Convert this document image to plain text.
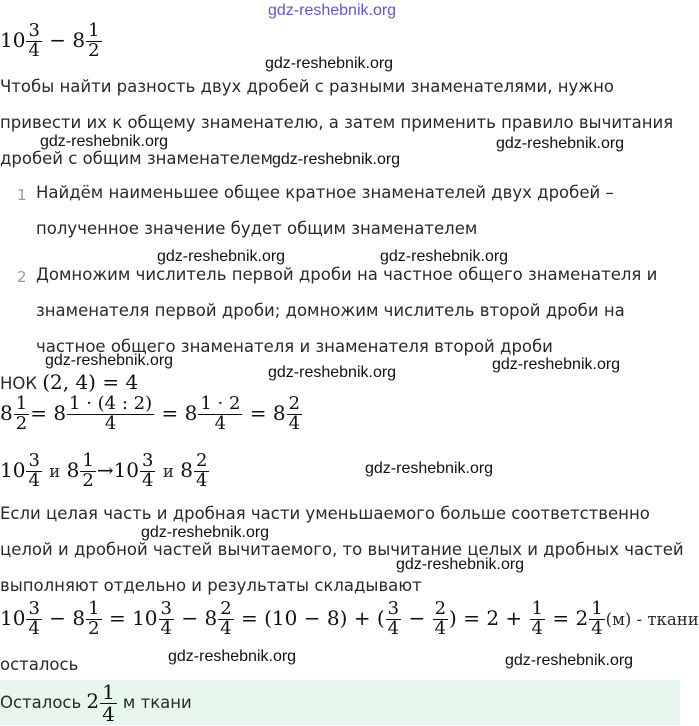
gdz-reshebnik.org
gdz-reshebnik.org
gdz-reshebnik.org
gdz-reshebnik.org
gdz-reshebnik.org
gdz-reshebnik.org	gdz-reshebnik.org
gdz-reshebnik.org
gdz-reshebnik.org	gdz-reshebnik.org
gdz-reshebnik.org
gdz-reshebnik.org
gdz-reshebnik.org
gdz-reshebnik.org	gdz-reshebnik.org
$10 \frac{3}{4} - 8 \frac{1}{2}$
Чтобы найти разность двух дробей с разными знаменателями, нужно
привести их к общему знаменателю, а затем применить правило вычитания
дробей с общим знаменателем
1 Найдём наименьшее общее кратное знаменателей двух дробей –
полученное значение будет общим знаменателем
2 Домножим числитель первой дроби на частное общего знаменателя и
знаменателя первой дроби; домножим числитель второй дроби на
частное общего знаменателя и знаменателя второй дроби
НОК (2, 4) = 4
$8 \frac{1}{2} = 8 \frac{1 \cdot (4 : 2)}{4} = 8 \frac{1 \cdot 2}{4} = 8 \frac{2}{4}$
$10 \frac{3}{4}$ и $8 \frac{1}{2} \to 10 \frac{3}{4}$ и $8 \frac{2}{4}$
Если целая часть и дробная части уменьшаемого больше соответственно
целой и дробной частей вычитаемого, то вычитание целых и дробных частей
выполняют отдельно и результаты складывают
$10 \frac{3}{4} - 8 \frac{1}{2} = 10 \frac{3}{4} - 8 \frac{2}{4} = (10 - 8)$ + ( $\frac{3}{4} - \frac{2}{4}$ ) = $2 + \frac{1}{4} = 2 \frac{1}{4} (м)$ - ткани
осталось
Осталось $2 \frac{1}{4}$ м ткани
